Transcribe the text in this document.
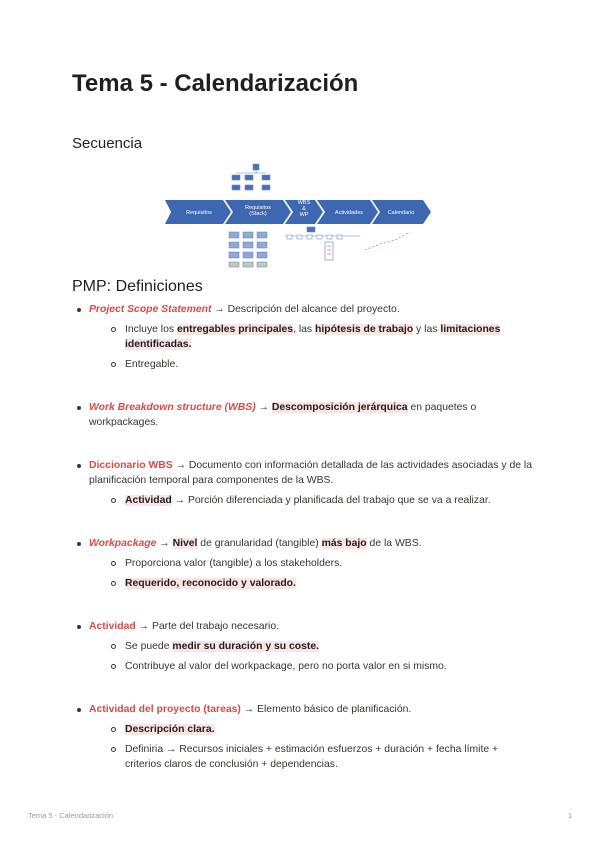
Tema 5 - Calendarización
Secuencia
Requisitos
Requisitos (Stack)
WBS & WP	Actividades	Calendario
PMP: Definiciones
Project Scope Statement → Descripción del alcance del proyecto.
Incluye los entregables principales, las hipótesis de trabajo y las limitaciones identificadas.
Entregable.
Work Breakdown structure (WBS) → Descomposición jerárquica en paquetes o workpackages.
Diccionario WBS → Documento con información detallada de las actividades asociadas y de la planificación temporal para componentes de la WBS.
Actividad → Porción diferenciada y planificada del trabajo que se va a realizar.
Workpackage → Nivel de granularidad (tangible) más bajo de la WBS.
Proporciona valor (tangible) a los stakeholders.
Requerido, reconocido y valorado.
Actividad → Parte del trabajo necesario.
Se puede medir su duración y su coste.
Contribuye al valor del workpackage, pero no porta valor en si mismo.
Actividad del proyecto (tareas) → Elemento básico de planificación.
Descripción clara.
Definiria → Recursos iniciales + estimación esfuerzos + duración + fecha límite + criterios claros de conclusión + dependencias.
Tema 5 - Calendarización	1
